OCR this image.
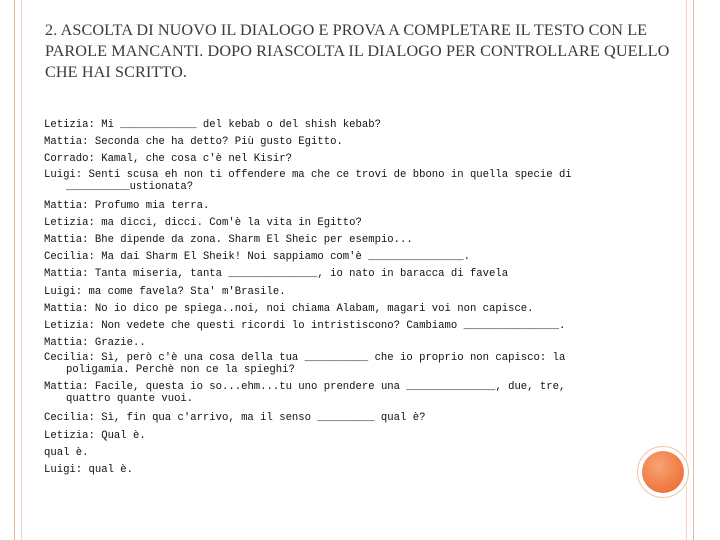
2. ASCOLTA DI NUOVO IL DIALOGO E PROVA A COMPLETARE IL TESTO CON LE PAROLE MANCANTI. DOPO RIASCOLTA IL DIALOGO PER CONTROLLARE QUELLO CHE HAI SCRITTO.
Letizia: Mi ____________ del kebab o del shish kebab?
Mattia: Seconda che ha detto? Più gusto Egitto.
Corrado: Kamal, che cosa c'è nel Kisir?
Luigi: Senti scusa eh non ti offendere ma che ce trovi de bbono in quella specie di
__________ustionata?
Mattia: Profumo mia terra.
Letizia: ma dicci, dicci. Com'è la vita in Egitto?
Mattia: Bhe dipende da zona. Sharm El Sheic per esempio...
Cecilia: Ma dai Sharm El Sheik! Noi sappiamo com'è _______________.
Mattia: Tanta miseria, tanta ______________, io nato in baracca di favela
Luigi: ma come favela? Sta' m'Brasile.
Mattia: No io dico pe spiega..noi, noi chiama Alabam, magari voi non capisce.
Letizia: Non vedete che questi ricordi lo intristiscono? Cambiamo _______________.
Mattia: Grazie..
Cecilia: Sì, però c'è una cosa della tua __________ che io proprio non capisco: la
poligamia. Perchè non ce la spieghi?
Mattia: Facile, questa io so...ehm...tu uno prendere una ______________, due, tre,
quattro quante vuoi.
Cecilia: Sì, fin qua c'arrivo, ma il senso _________ qual è?
Letizia: Qual è.
qual è.
Luigi: qual è.
